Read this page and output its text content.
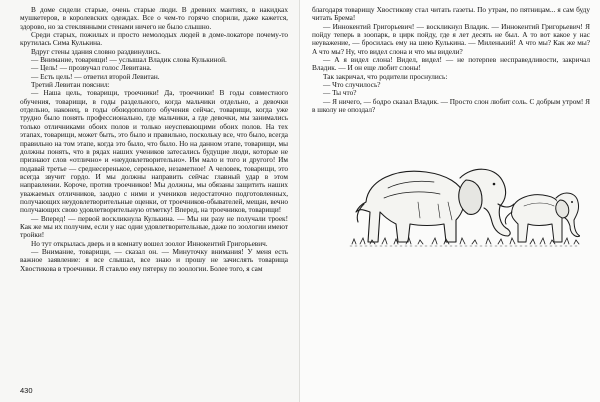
В доме сидели старые, очень старые люди. В древних мантиях, в накидках мушкетеров, в королевских одеждах. Все о чем-то горячо спорили, даже кажется, здорово, но за стеклянными стенами ничего не было слышно.

Среди старых, пожилых и просто немолодых людей в доме-локаторе почему-то крутилась Сима Кулькина.

Вдруг стены здания словно раздвинулись.

— Внимание, товарищи! — услышал Владик слова Кулькиной.

— Цель! — прозвучал голос Левитана.

— Есть цель! — ответил второй Левитан.

Третий Левитан пояснил:

— Наша цель, товарищи, троечники! Да, троечники! В годы совместного обучения, товарищи, в годы раздельного, когда мальчики отдельно, а девочки отдельно, наконец, в годы обоюдополого обучения сейчас, товарищи, когда уже трудно было понять профессионально, где мальчики, а где девочки, мы занимались только отличниками обоих полов и только неуспевающими обоих полов. На тех этапах, товарищи, может быть, это было и правильно, поскольку все, что было, всегда правильно на том этапе, когда это было, что было. Но на данном этапе, товарищи, мы должны понять, что в рядах наших учеников затесались будущие люди, которые не признают слов «отлично» и «неудовлетворительно». Им мало и того и другого! Им подавай третье — среднесеренькое, серенькое, незаметное! А человек, товарищи, это всегда звучит гордо. И мы должны направить сейчас главный удар в этом направлении. Короче, против троечников! Мы должны, мы обязаны защитить наших уважаемых отличников, заодно с ними и учеников недостаточно подготовленных, получающих неудовлетворительные оценки, от троечников-обывателей, мещан, вечно получающих свою удовлетворительную отметку! Вперед, на троечников, товарищи!

— Вперед! — первой воскликнула Кулькина. — Мы ни разу не получали троек! Как же мы их получим, если у нас одни удовлетворительные, даже по зоологии имеют тройки!

Но тут открылась дверь и в комнату вошел зоолог Иннокентий Григорьевич.

— Внимание, товарищи, — сказал он. — Минуточку внимания! У меня есть важное заявление: я все слышал, все знаю и прошу не зачислять товарища Хвостикова в троечники. Я ставлю ему пятерку по зоологии. Более того, я сам

430

благодаря товарищу Хвостикову стал читать газеты. По утрам, по пятницам... я сам буду читать Брема!

— Иннокентий Григорьевич! — воскликнул Владик. — Иннокентий Григорьевич! Я пойду теперь в зоопарк, в цирк пойду, где я лет десять не был. А то вот какое у нас неуважение, — бросилась ему на шею Кулькина. — Миленький! А что мы? Как же мы? А что мы? Ну, что видел слона и что мы видели?

— А я видел слона! Видел, видел! — не потерпев несправедливости, закричал Владик. — И он еще любит слоны!

Так закричал, что родители проснулись:

— Что случилось?

— Ты что?

— Я ничего, — бодро сказал Владик. — Просто слон любит соль. С добрым утром! Я в школу не опоздал?
